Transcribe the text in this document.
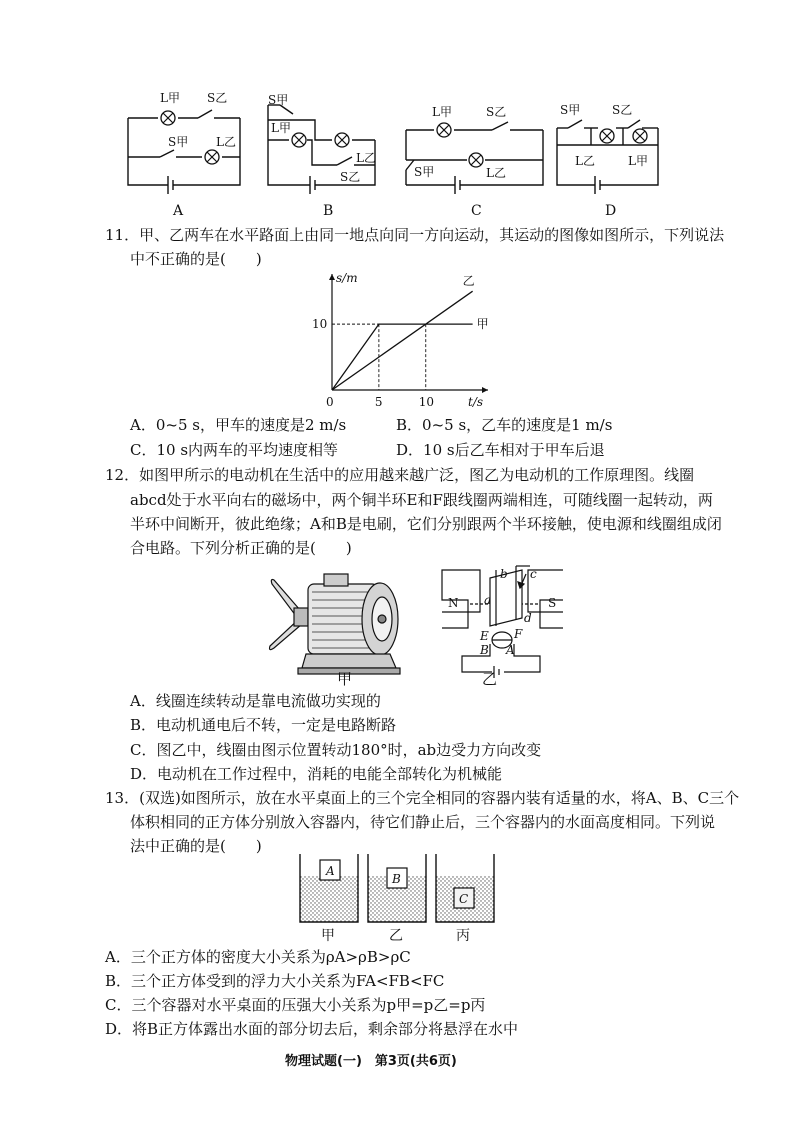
L甲 S乙
S甲 L乙
S甲
L甲
L乙
S乙
L甲	S乙
S甲	L乙
S甲	S乙
L乙	L甲
A	B	C	D
11．甲、乙两车在水平路面上由同一地点向同一方向运动，其运动的图像如图所示，下列说法
中不正确的是(　　)
甲
乙
0	5	10
10
s/m
t/s
A．0~5 s，甲车的速度是2 m/s	B．0~5 s，乙车的速度是1 m/s
C．10 s内两车的平均速度相等	D．10 s后乙车相对于甲车后退
12．如图甲所示的电动机在生活中的应用越来越广泛，图乙为电动机的工作原理图。线圈
abcd处于水平向右的磁场中，两个铜半环E和F跟线圈两端相连，可随线圈一起转动，两
半环中间断开，彼此绝缘；A和B是电刷，它们分别跟两个半环接触，使电源和线圈组成闭
合电路。下列分析正确的是(　　)
甲
N	S
a
b c
d
E F
A
B
乙
A．线圈连续转动是靠电流做功实现的
B．电动机通电后不转，一定是电路断路
C．图乙中，线圈由图示位置转动180°时，ab边受力方向改变
D．电动机在工作过程中，消耗的电能全部转化为机械能
13．(双选)如图所示，放在水平桌面上的三个完全相同的容器内装有适量的水，将A、B、C三个
体积相同的正方体分别放入容器内，待它们静止后，三个容器内的水面高度相同。下列说
法中正确的是(　　)
A
B
C
甲	乙	丙
A．三个正方体的密度大小关系为ρA>ρB>ρC
B．三个正方体受到的浮力大小关系为FA<FB<FC
C．三个容器对水平桌面的压强大小关系为p甲=p乙=p丙
D．将B正方体露出水面的部分切去后，剩余部分将悬浮在水中
物理试题(一)　第3页(共6页)
